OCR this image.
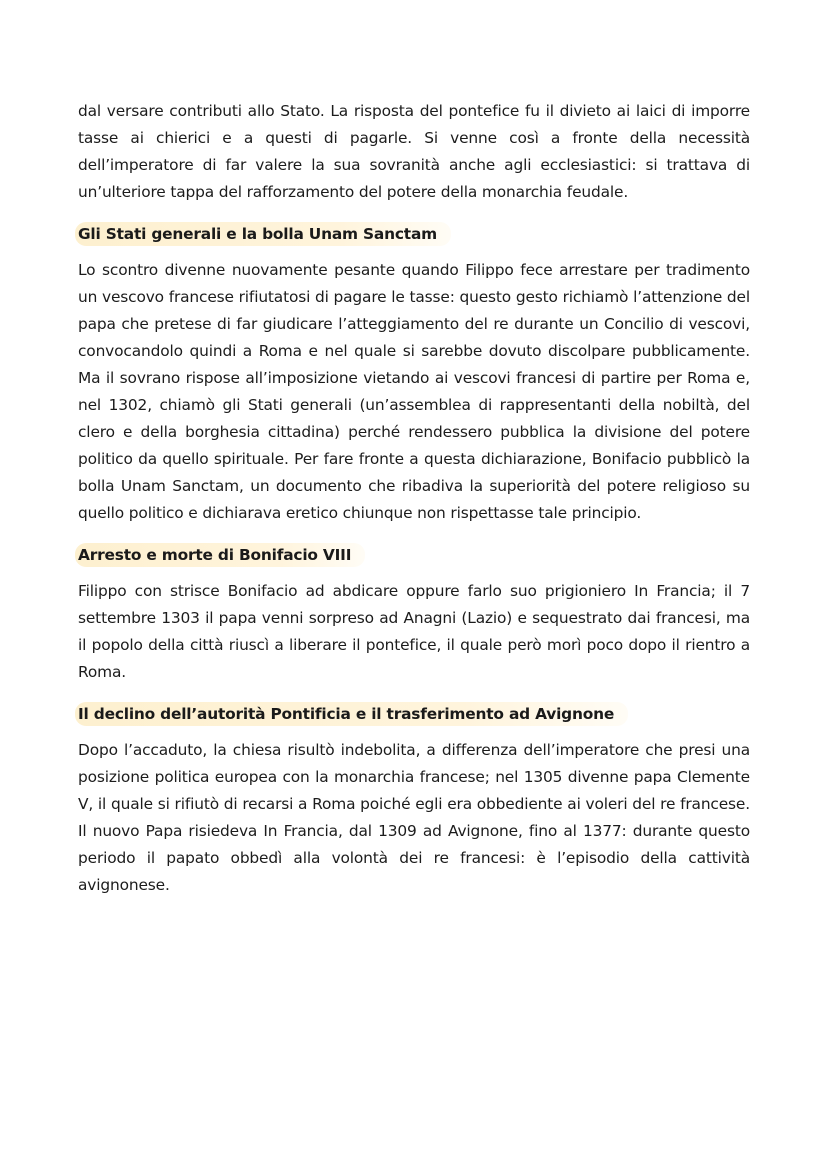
dal versare contributi allo Stato. La risposta del pontefice fu il divieto ai laici di imporre tasse ai chierici e a questi di pagarle. Si venne così a fronte della necessità dell’imperatore di far valere la sua sovranità anche agli ecclesiastici: si trattava di un’ulteriore tappa del rafforzamento del potere della monarchia feudale.

Gli Stati generali e la bolla Unam Sanctam

Lo scontro divenne nuovamente pesante quando Filippo fece arrestare per tradimento un vescovo francese rifiutatosi di pagare le tasse: questo gesto richiamò l’attenzione del papa che pretese di far giudicare l’atteggiamento del re durante un Concilio di vescovi, convocandolo quindi a Roma e nel quale si sarebbe dovuto discolpare pubblicamente. Ma il sovrano rispose all’imposizione vietando ai vescovi francesi di partire per Roma e, nel 1302, chiamò gli Stati generali (un’assemblea di rappresentanti della nobiltà, del clero e della borghesia cittadina) perché rendessero pubblica la divisione del potere politico da quello spirituale. Per fare fronte a questa dichiarazione, Bonifacio pubblicò la bolla Unam Sanctam, un documento che ribadiva la superiorità del potere religioso su quello politico e dichiarava eretico chiunque non rispettasse tale principio.

Arresto e morte di Bonifacio VIII

Filippo con strisce Bonifacio ad abdicare oppure farlo suo prigioniero In Francia; il 7 settembre 1303 il papa venni sorpreso ad Anagni (Lazio) e sequestrato dai francesi, ma il popolo della città riuscì a liberare il pontefice, il quale però morì poco dopo il rientro a Roma.

Il declino dell’autorità Pontificia e il trasferimento ad Avignone

Dopo l’accaduto, la chiesa risultò indebolita, a differenza dell’imperatore che presi una posizione politica europea con la monarchia francese; nel 1305 divenne papa Clemente V, il quale si rifiutò di recarsi a Roma poiché egli era obbediente ai voleri del re francese. Il nuovo Papa risiedeva In Francia, dal 1309 ad Avignone, fino al 1377: durante questo periodo il papato obbedì alla volontà dei re francesi: è l’episodio della cattività avignonese.
